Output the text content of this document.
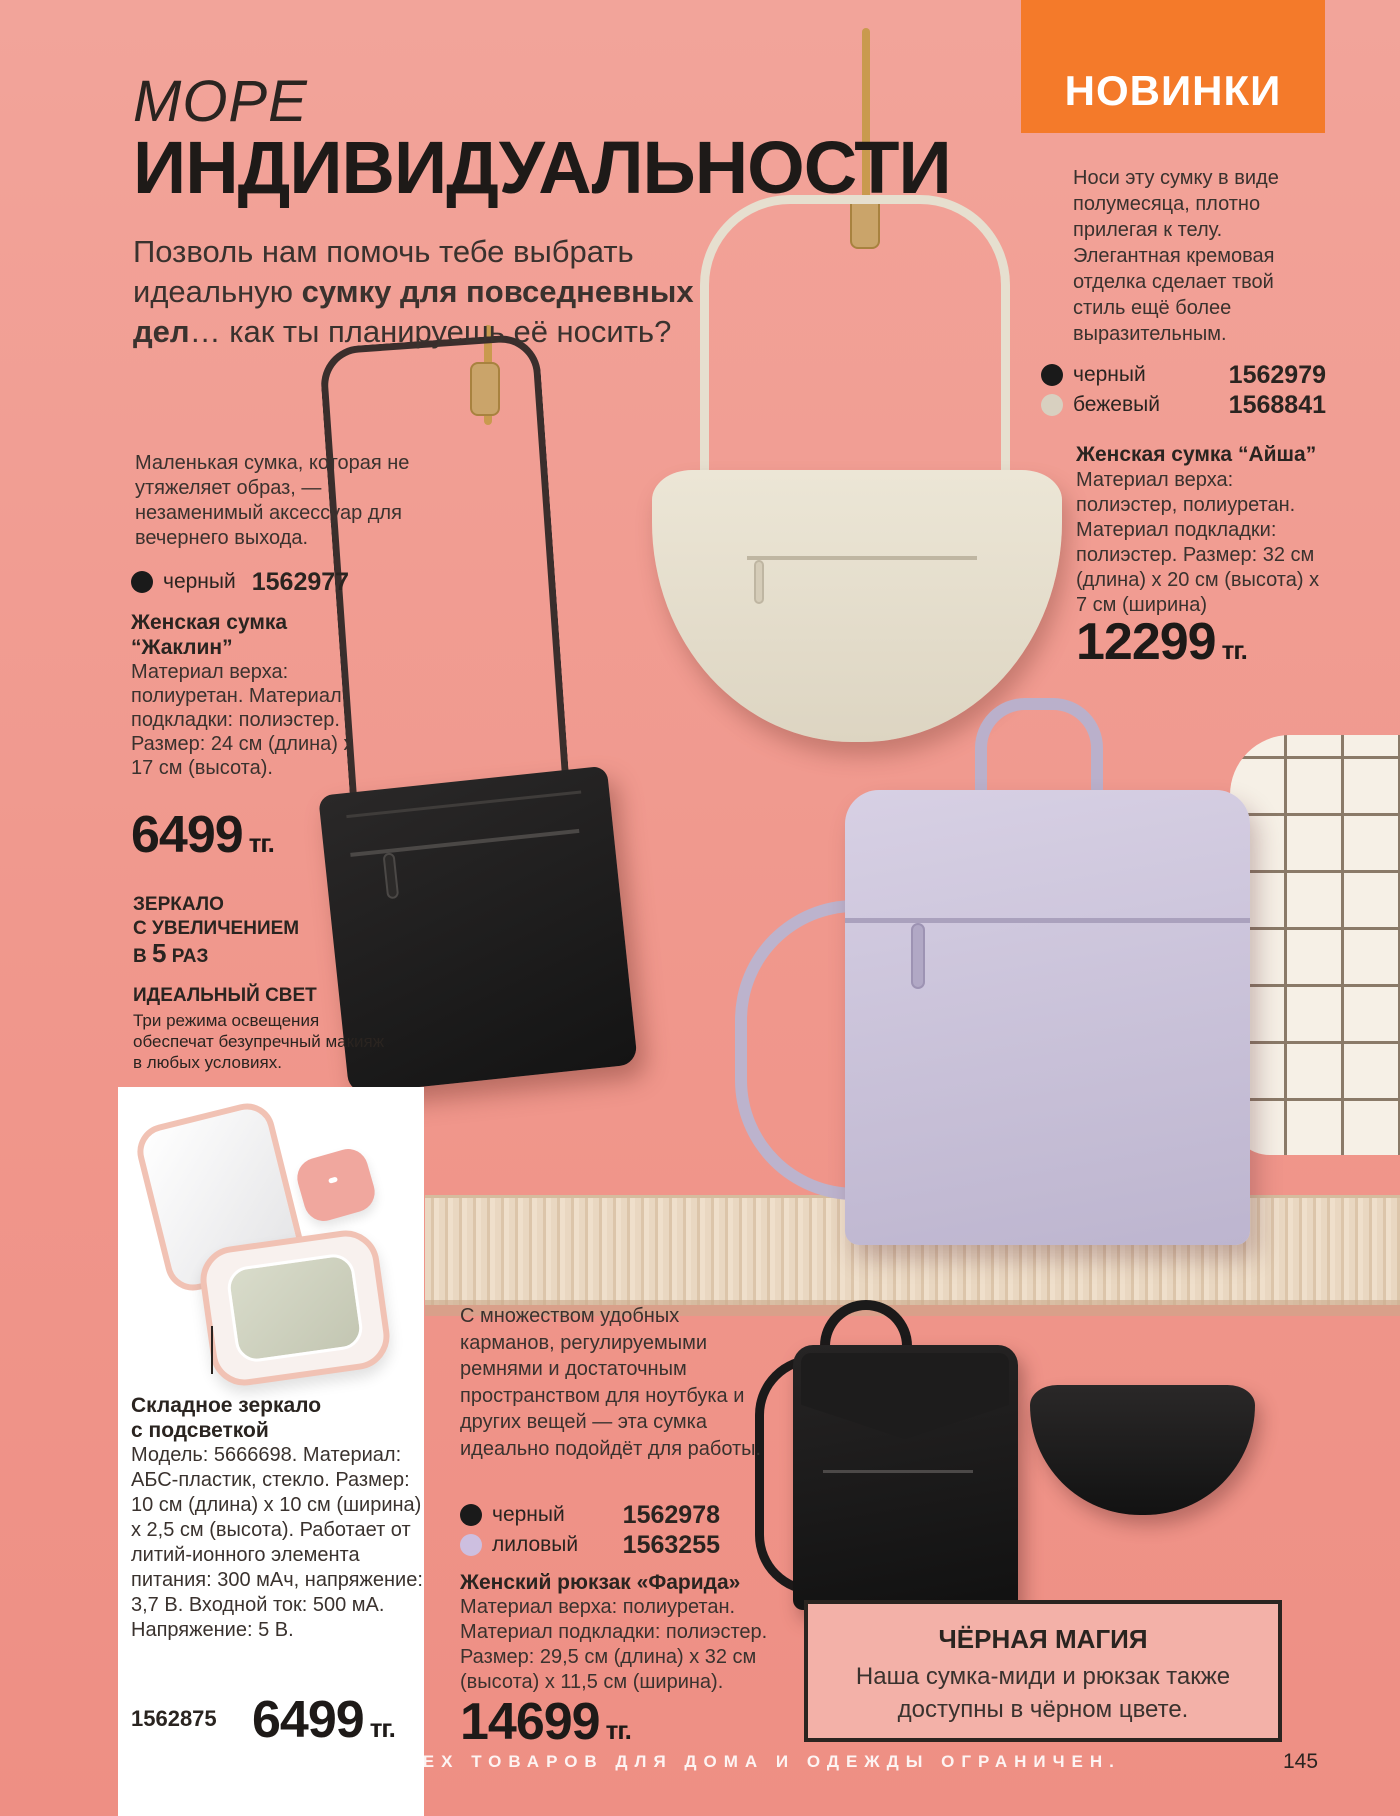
МОРЕ
ИНДИВИДУАЛЬНОСТИ
Позволь нам помочь тебе выбрать идеальную сумку для повседневных дел… как ты планируешь её носить?
НОВИНКИ
Маленькая сумка, которая не утяжеляет образ, — незаменимый аксессуар для вечернего выхода.
черный 1562977
Женская сумка
“Жаклин”
Материал верха: полиуретан. Материал подкладки: полиэстер. Размер: 24 см (длина) х 17 см (высота).
6499 тг.
ЗЕРКАЛО
С УВЕЛИЧЕНИЕМ
В 5 РАЗ
ИДЕАЛЬНЫЙ СВЕТ
Три режима освещения обеспечат безупречный макияж в любых условиях.
Складное зеркало
с подсветкой
Модель: 5666698. Материал: АБС-пластик, стекло. Размер: 10 см (длина) х 10 см (ширина) х 2,5 см (высота). Работает от литий-ионного элемента питания: 300 мАч, напряжение: 3,7 В. Входной ток: 500 мА. Напряжение: 5 В.
1562875 6499 тг.
Носи эту сумку в виде полумесяца, плотно прилегая к телу. Элегантная кремовая отделка сделает твой стиль ещё более выразительным.
черный	1562979
бежевый	1568841
Женская сумка “Айша”
Материал верха: полиэстер, полиуретан. Материал подкладки: полиэстер. Размер: 32 см (длина) х 20 см (высота) х 7 см (ширина)
12299 тг.
С множеством удобных карманов, регулируемыми ремнями и достаточным пространством для ноутбука и других вещей — эта сумка идеально подойдёт для работы.
черный 1562978
лиловый 1563255
Женский рюкзак «Фарида»
Материал верха: полиуретан. Материал подкладки: полиэстер. Размер: 29,5 см (длина) х 32 см (высота) х 11,5 см (ширина).
14699 тг.
ЧЁРНАЯ МАГИЯ
Наша сумка-миди и рюкзак также доступны в чёрном цвете.
ЗАПАС ВСЕХ ТОВАРОВ ДЛЯ ДОМА И ОДЕЖДЫ ОГРАНИЧЕН.	145
